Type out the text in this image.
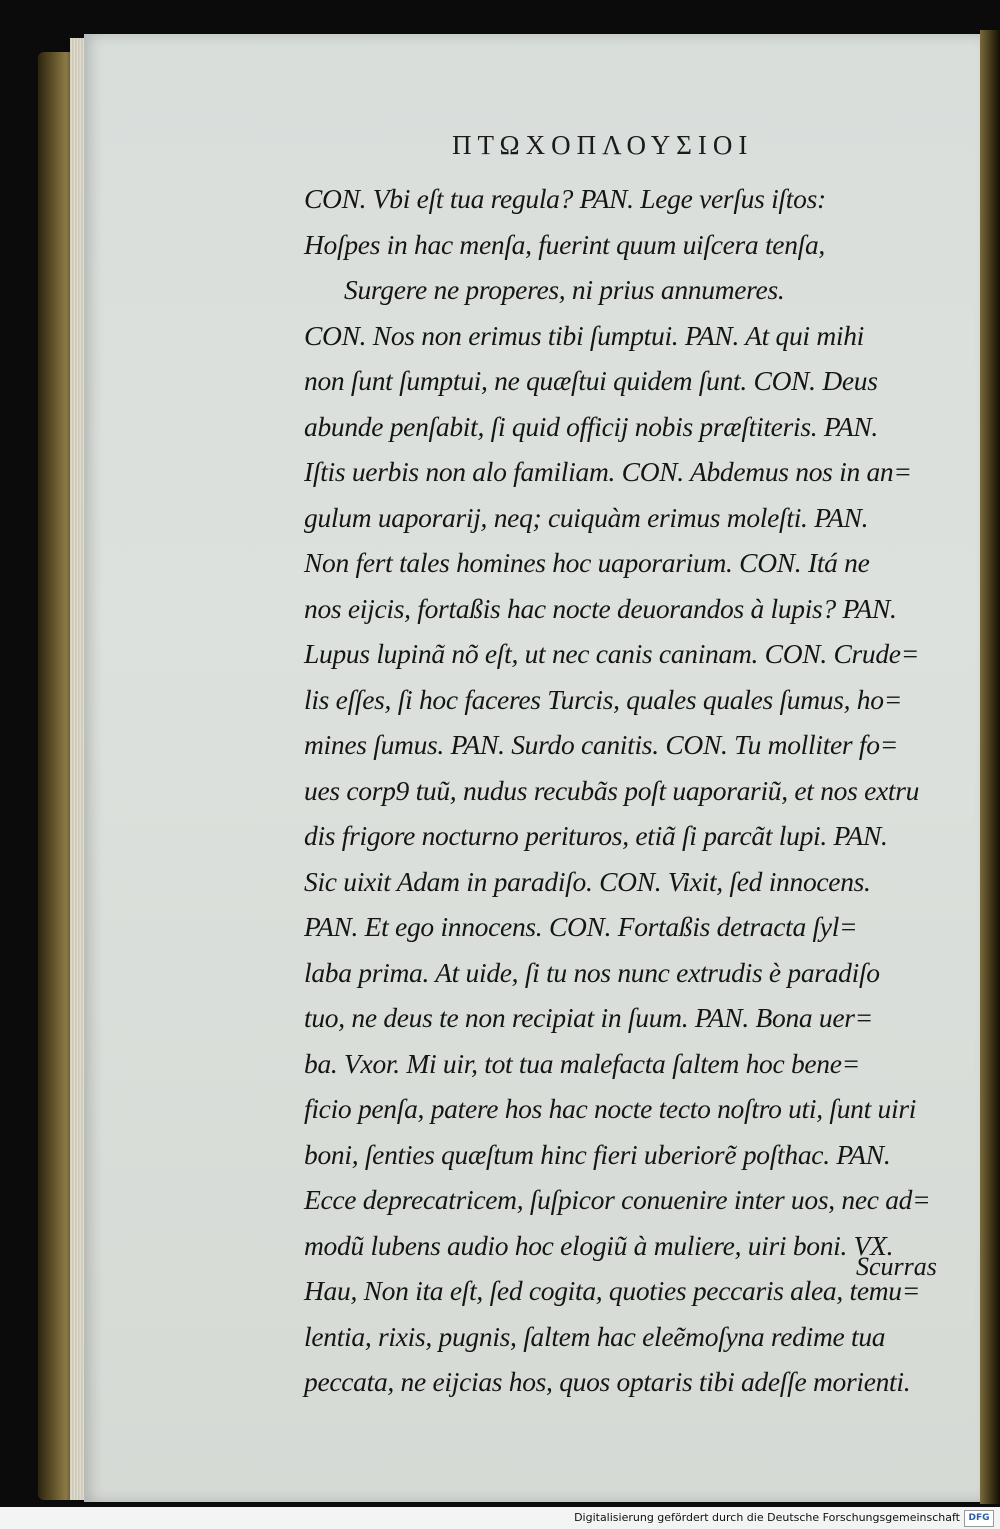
ΠΤΩΧΟΠΛΟΥΣΙΟΙ
CON. Vbi eſt tua regula? PAN. Lege verſus iſtos:
Hoſpes in hac menſa, fuerint quum uiſcera tenſa,
Surgere ne properes, ni prius annumeres.
CON. Nos non erimus tibi ſumptui. PAN. At qui mihi
non ſunt ſumptui, ne quæſtui quidem ſunt. CON. Deus
abunde penſabit, ſi quid officij nobis præſtiteris. PAN.
Iſtis uerbis non alo familiam. CON. Abdemus nos in an=
gulum uaporarij, neq; cuiquàm erimus moleſti. PAN.
Non fert tales homines hoc uaporarium. CON. Itá ne
nos eijcis, fortaßis hac nocte deuorandos à lupis? PAN.
Lupus lupinã nõ eſt, ut nec canis caninam. CON. Crude=
lis eſſes, ſi hoc faceres Turcis, quales quales ſumus, ho=
mines ſumus. PAN. Surdo canitis. CON. Tu molliter fo=
ues corp9 tuũ, nudus recubãs poſt uaporariũ, et nos extru
dis frigore nocturno perituros, etiã ſi parcãt lupi. PAN.
Sic uixit Adam in paradiſo. CON. Vixit, ſed innocens.
PAN. Et ego innocens. CON. Fortaßis detracta ſyl=
laba prima. At uide, ſi tu nos nunc extrudis è paradiſo
tuo, ne deus te non recipiat in ſuum. PAN. Bona uer=
ba. Vxor. Mi uir, tot tua malefacta ſaltem hoc bene=
ficio penſa, patere hos hac nocte tecto noſtro uti, ſunt uiri
boni, ſenties quæſtum hinc fieri uberiorẽ poſthac. PAN.
Ecce deprecatricem, ſuſpicor conuenire inter uos, nec ad=
modũ lubens audio hoc elogiũ à muliere, uiri boni. VX.
Hau, Non ita eſt, ſed cogita, quoties peccaris alea, temu=
lentia, rixis, pugnis, ſaltem hac eleẽmoſyna redime tua
peccata, ne eijcias hos, quos optaris tibi adeſſe morienti.
Scurras
Digitalisierung gefördert durch die Deutsche Forschungsgemeinschaft DFG
